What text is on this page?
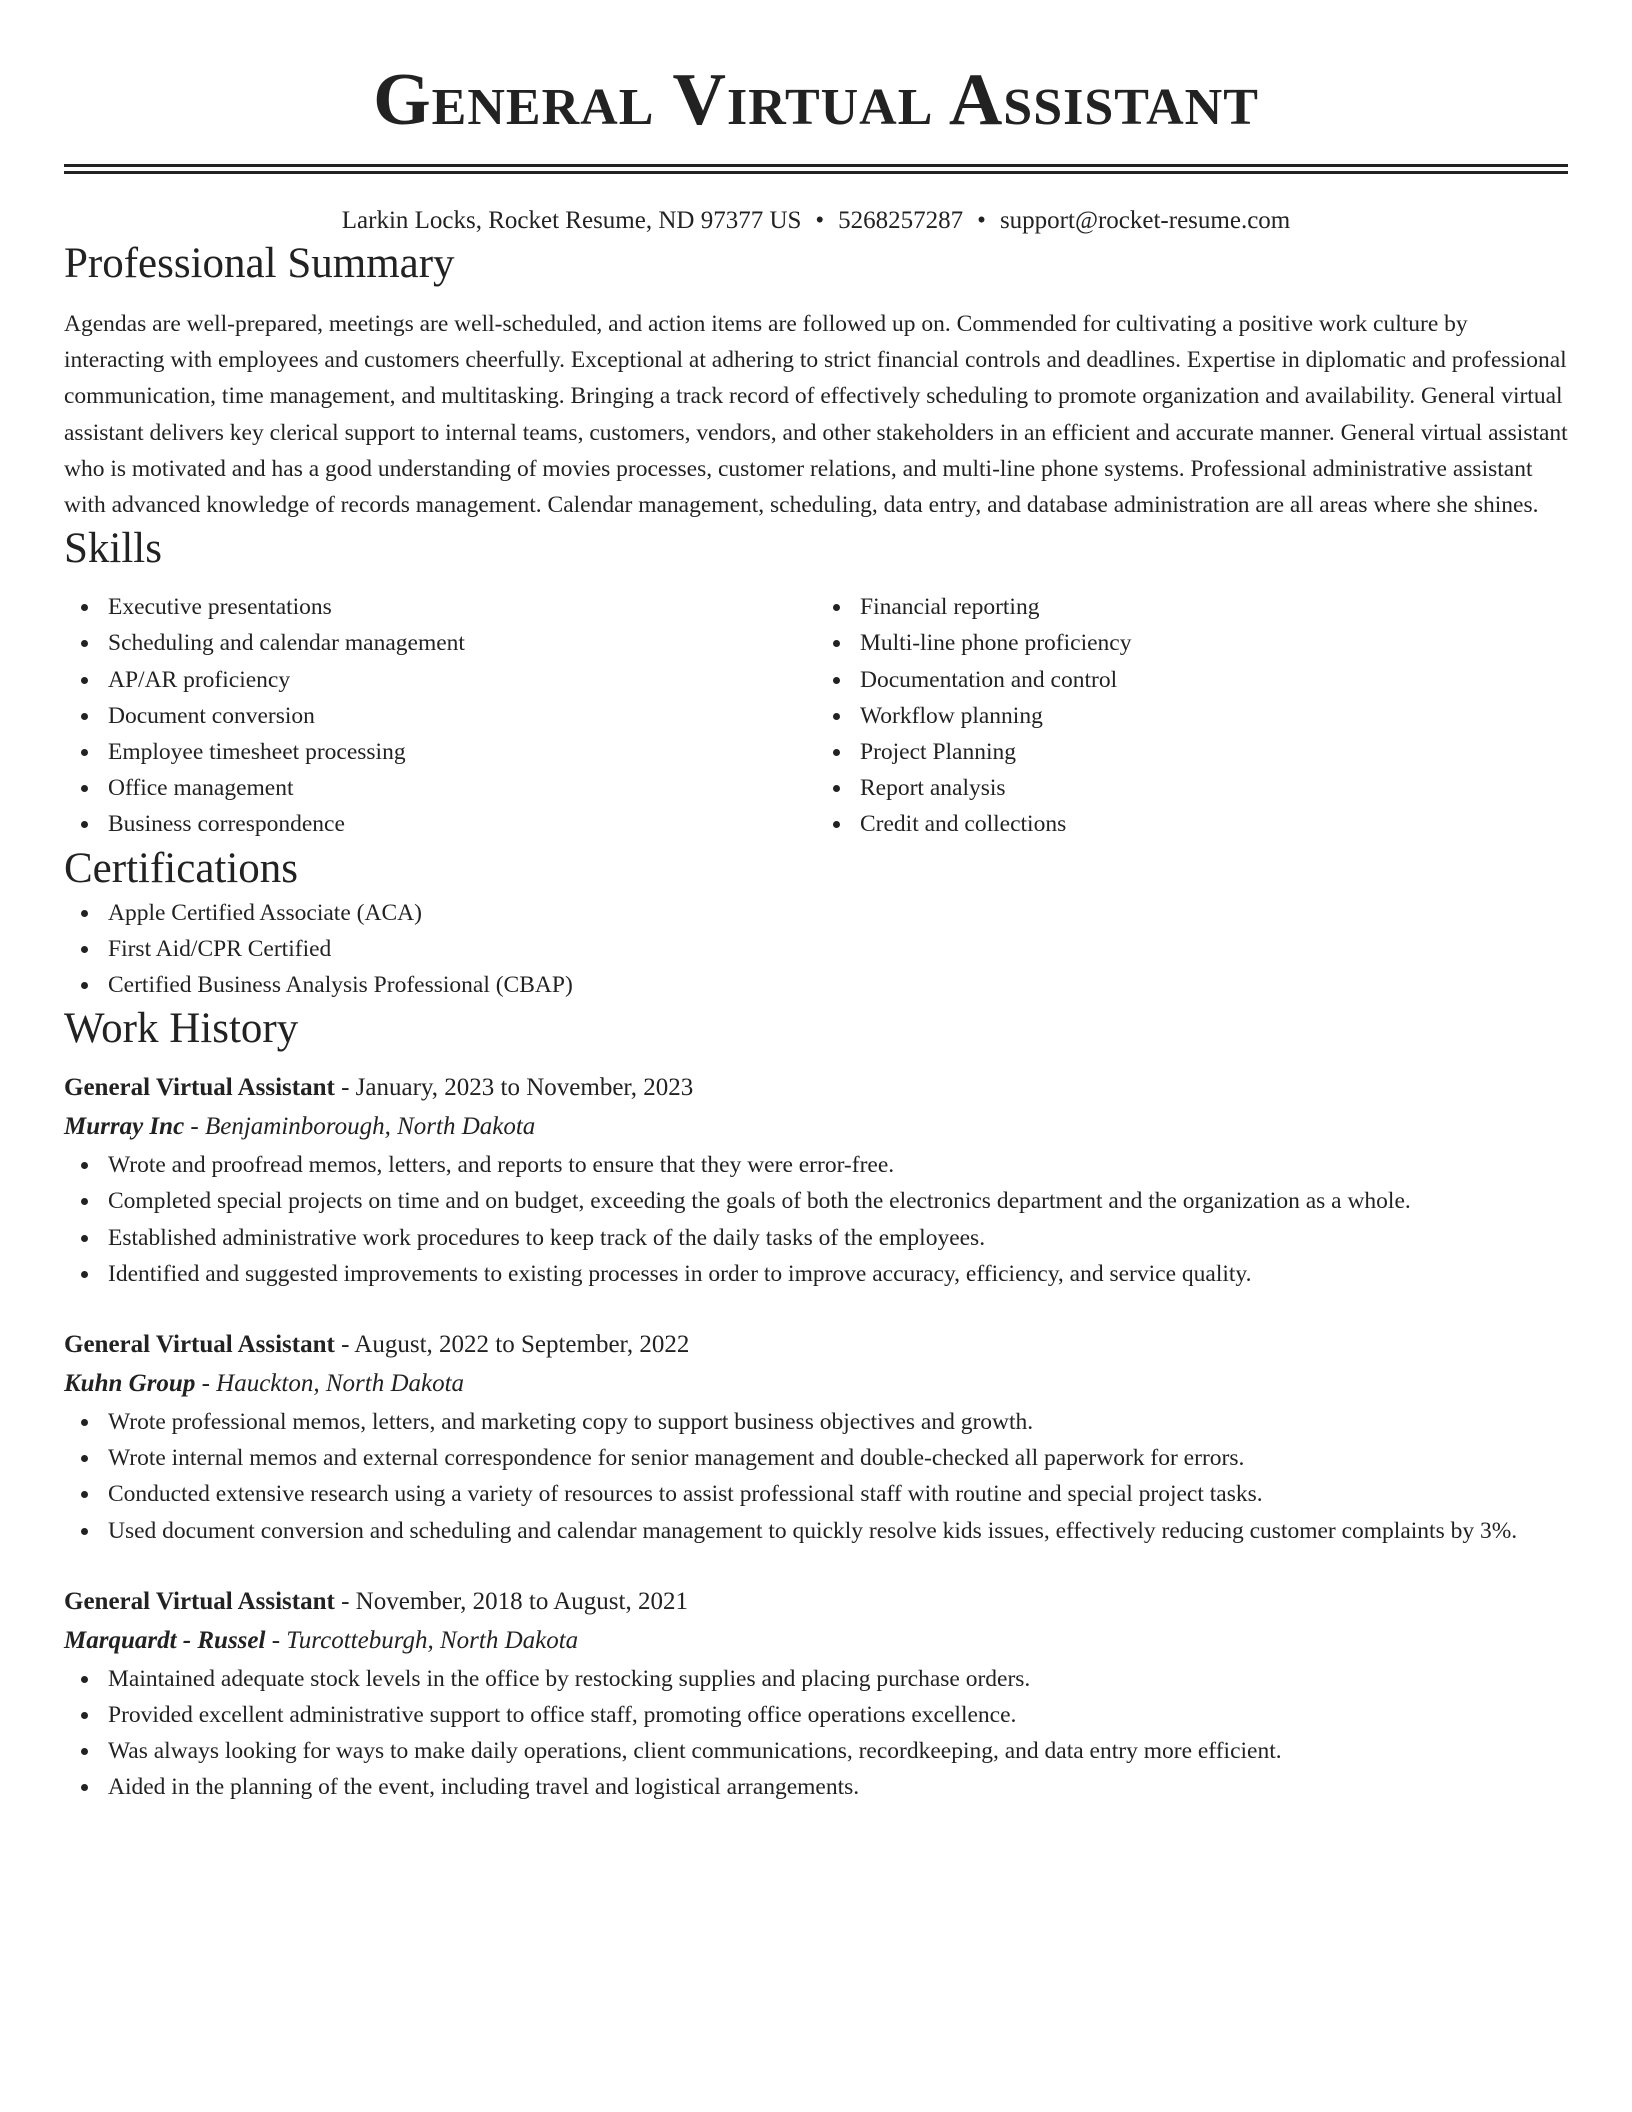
General Virtual Assistant
Larkin Locks, Rocket Resume, ND 97377 US • 5268257287 • support@rocket-resume.com
Professional Summary

Agendas are well-prepared, meetings are well-scheduled, and action items are followed up on. Commended for cultivating a positive work culture by interacting with employees and customers cheerfully. Exceptional at adhering to strict financial controls and deadlines. Expertise in diplomatic and professional communication, time management, and multitasking. Bringing a track record of effectively scheduling to promote organization and availability. General virtual assistant delivers key clerical support to internal teams, customers, vendors, and other stakeholders in an efficient and accurate manner. General virtual assistant who is motivated and has a good understanding of movies processes, customer relations, and multi-line phone systems. Professional administrative assistant with advanced knowledge of records management. Calendar management, scheduling, data entry, and database administration are all areas where she shines.

Skills
Executive presentations
Scheduling and calendar management
AP/AR proficiency
Document conversion
Employee timesheet processing
Office management
Business correspondence
Financial reporting
Multi-line phone proficiency
Documentation and control
Workflow planning
Project Planning
Report analysis
Credit and collections
Certifications
Apple Certified Associate (ACA)
First Aid/CPR Certified
Certified Business Analysis Professional (CBAP)
Work History
General Virtual Assistant - January, 2023 to November, 2023
Murray Inc - Benjaminborough, North Dakota
Wrote and proofread memos, letters, and reports to ensure that they were error-free.
Completed special projects on time and on budget, exceeding the goals of both the electronics department and the organization as a whole.
Established administrative work procedures to keep track of the daily tasks of the employees.
Identified and suggested improvements to existing processes in order to improve accuracy, efficiency, and service quality.
General Virtual Assistant - August, 2022 to September, 2022
Kuhn Group - Hauckton, North Dakota
Wrote professional memos, letters, and marketing copy to support business objectives and growth.
Wrote internal memos and external correspondence for senior management and double-checked all paperwork for errors.
Conducted extensive research using a variety of resources to assist professional staff with routine and special project tasks.
Used document conversion and scheduling and calendar management to quickly resolve kids issues, effectively reducing customer complaints by 3%.
General Virtual Assistant - November, 2018 to August, 2021
Marquardt - Russel - Turcotteburgh, North Dakota
Maintained adequate stock levels in the office by restocking supplies and placing purchase orders.
Provided excellent administrative support to office staff, promoting office operations excellence.
Was always looking for ways to make daily operations, client communications, recordkeeping, and data entry more efficient.
Aided in the planning of the event, including travel and logistical arrangements.
